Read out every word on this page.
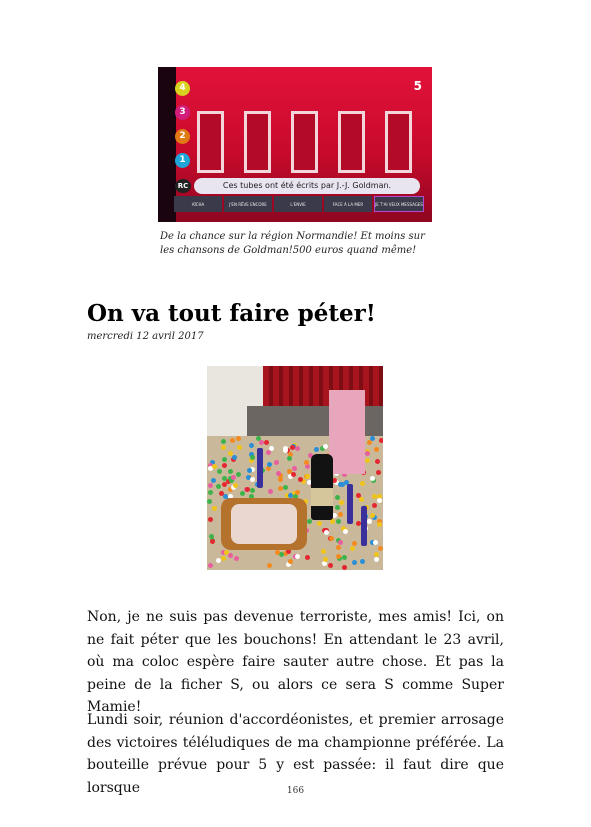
4
3
2
1
5
RC	Ces tubes ont été écrits par J.-J. Goldman.
AÏCHA	J'EN RÊVE ENCORE	L'ENVIE	FACE À LA MER	JE T'AI VEUX MESSAGES
De la chance sur la région Normandie! Et moins sur les chansons de Goldman!500 euros quand même!
On va tout faire péter!
mercredi 12 avril 2017

Non, je ne suis pas devenue terroriste, mes amis! Ici, on ne fait péter que les bouchons! En attendant le 23 avril, où ma coloc espère faire sauter autre chose. Et pas la peine de la ficher S, ou alors ce sera S comme Super Mamie!

Lundi soir, réunion d'accordéonistes, et premier arrosage des victoires téléludiques de ma championne préférée. La bouteille prévue pour 5 y est passée: il faut dire que lorsque	166
